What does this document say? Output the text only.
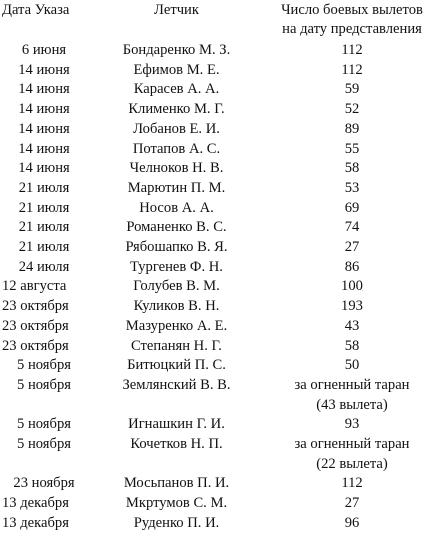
Дата Указа	Летчик	Число боевых вылетов
на дату представления

6 июня	Бондаренко М. З.	112
14 июня	Ефимов М. Е.	112
14 июня	Карасев А. А.	59
14 июня	Клименко М. Г.	52
14 июня	Лобанов Е. И.	89
14 июня	Потапов А. С.	55
14 июня	Челноков Н. В.	58
21 июля	Марютин П. М.	53
21 июля	Носов А. А.	69
21 июля	Романенко В. С.	74
21 июля	Рябошапко В. Я.	27
24 июля	Тургенев Ф. Н.	86
12 августа	Голубев В. М.	100
23 октября	Куликов В. Н.	193
23 октября	Мазуренко А. Е.	43
23 октября	Степанян Н. Г.	58
5 ноября	Битюцкий П. С.	50
5 ноября	Землянский В. В.	за огненный таран
(43 вылета)

5 ноября	Игнашкин Г. И.	93
5 ноября	Кочетков Н. П.	за огненный таран
(22 вылета)

23 ноября	Мосьпанов П. И.	112
13 декабря	Мкртумов С. М.	27
13 декабря	Руденко П. И.	96
